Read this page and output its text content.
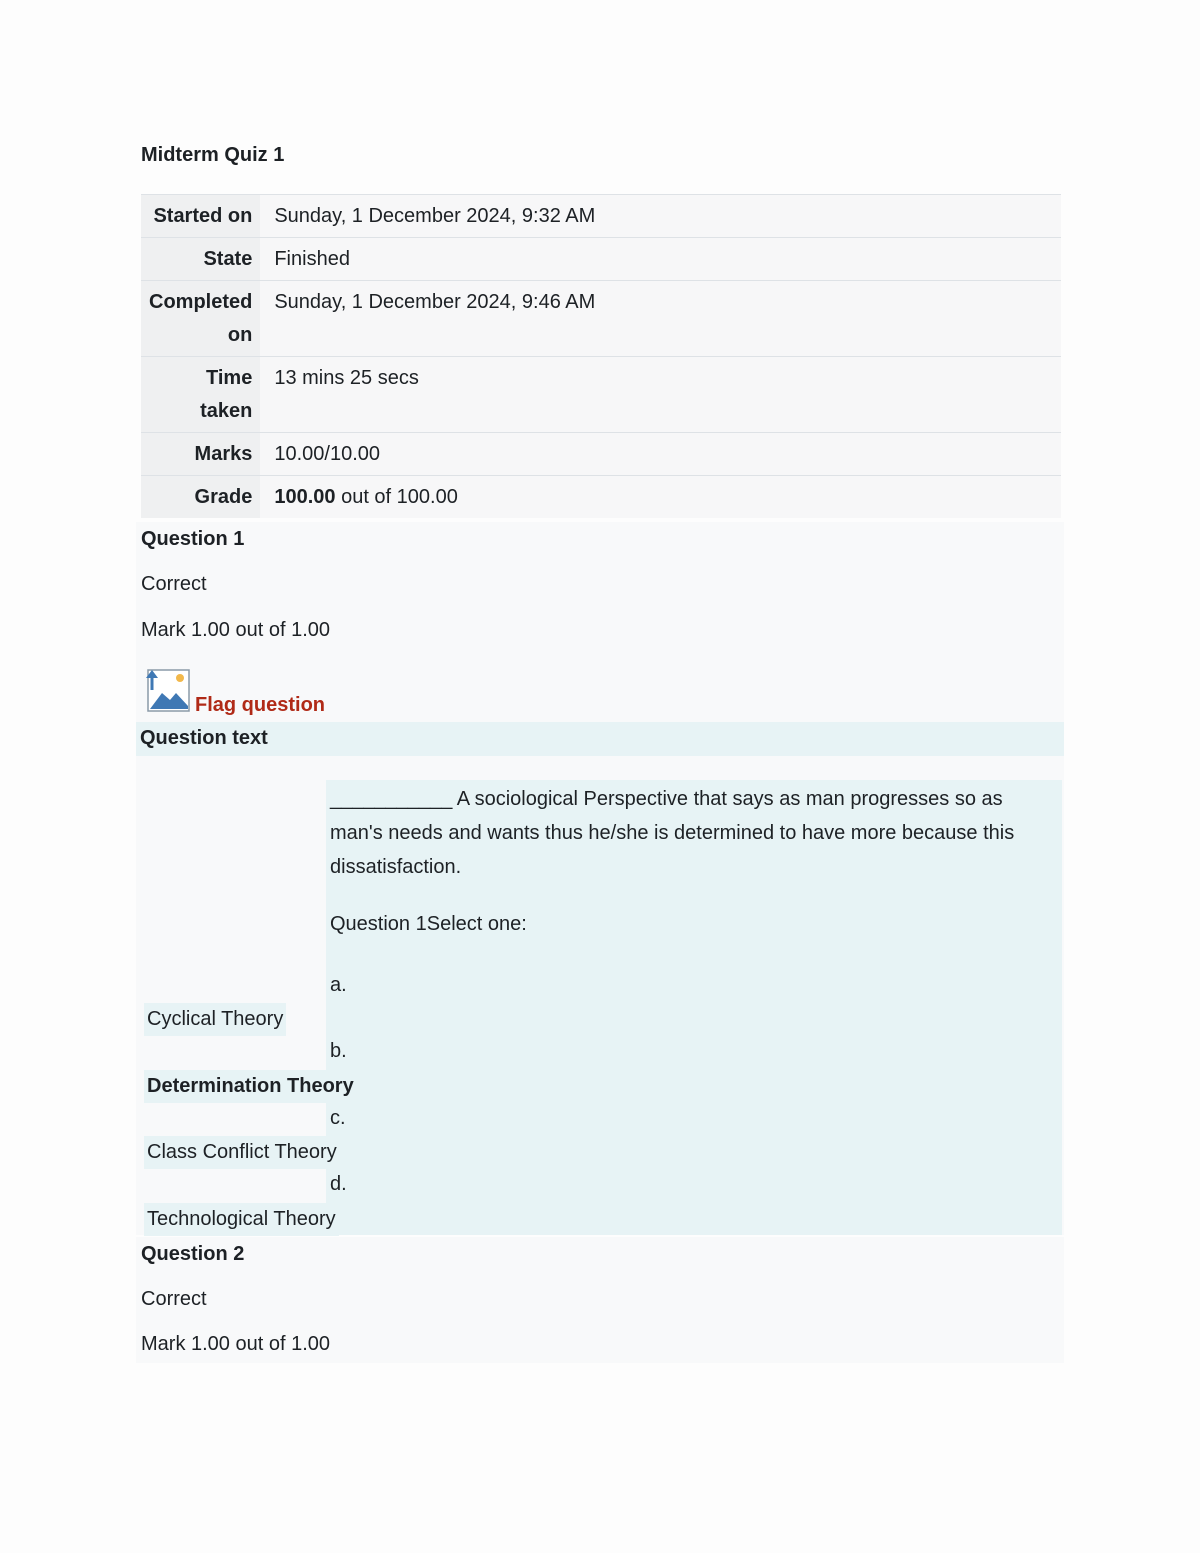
Midterm Quiz 1
Started on	Sunday, 1 December 2024, 9:32 AM
State	Finished
Completed on	Sunday, 1 December 2024, 9:46 AM
Time taken	13 mins 25 secs
Marks	10.00/10.00
Grade	100.00 out of 100.00
Question 1
Correct
Mark 1.00 out of 1.00
Flag question
Question text
___________ A sociological Perspective that says as man progresses so as man's needs and wants thus he/she is determined to have more because this dissatisfaction.
Question 1Select one:
a.
b.
c.
d.
Cyclical Theory
Determination Theory
Class Conflict Theory
Technological Theory
Question 2
Correct
Mark 1.00 out of 1.00
